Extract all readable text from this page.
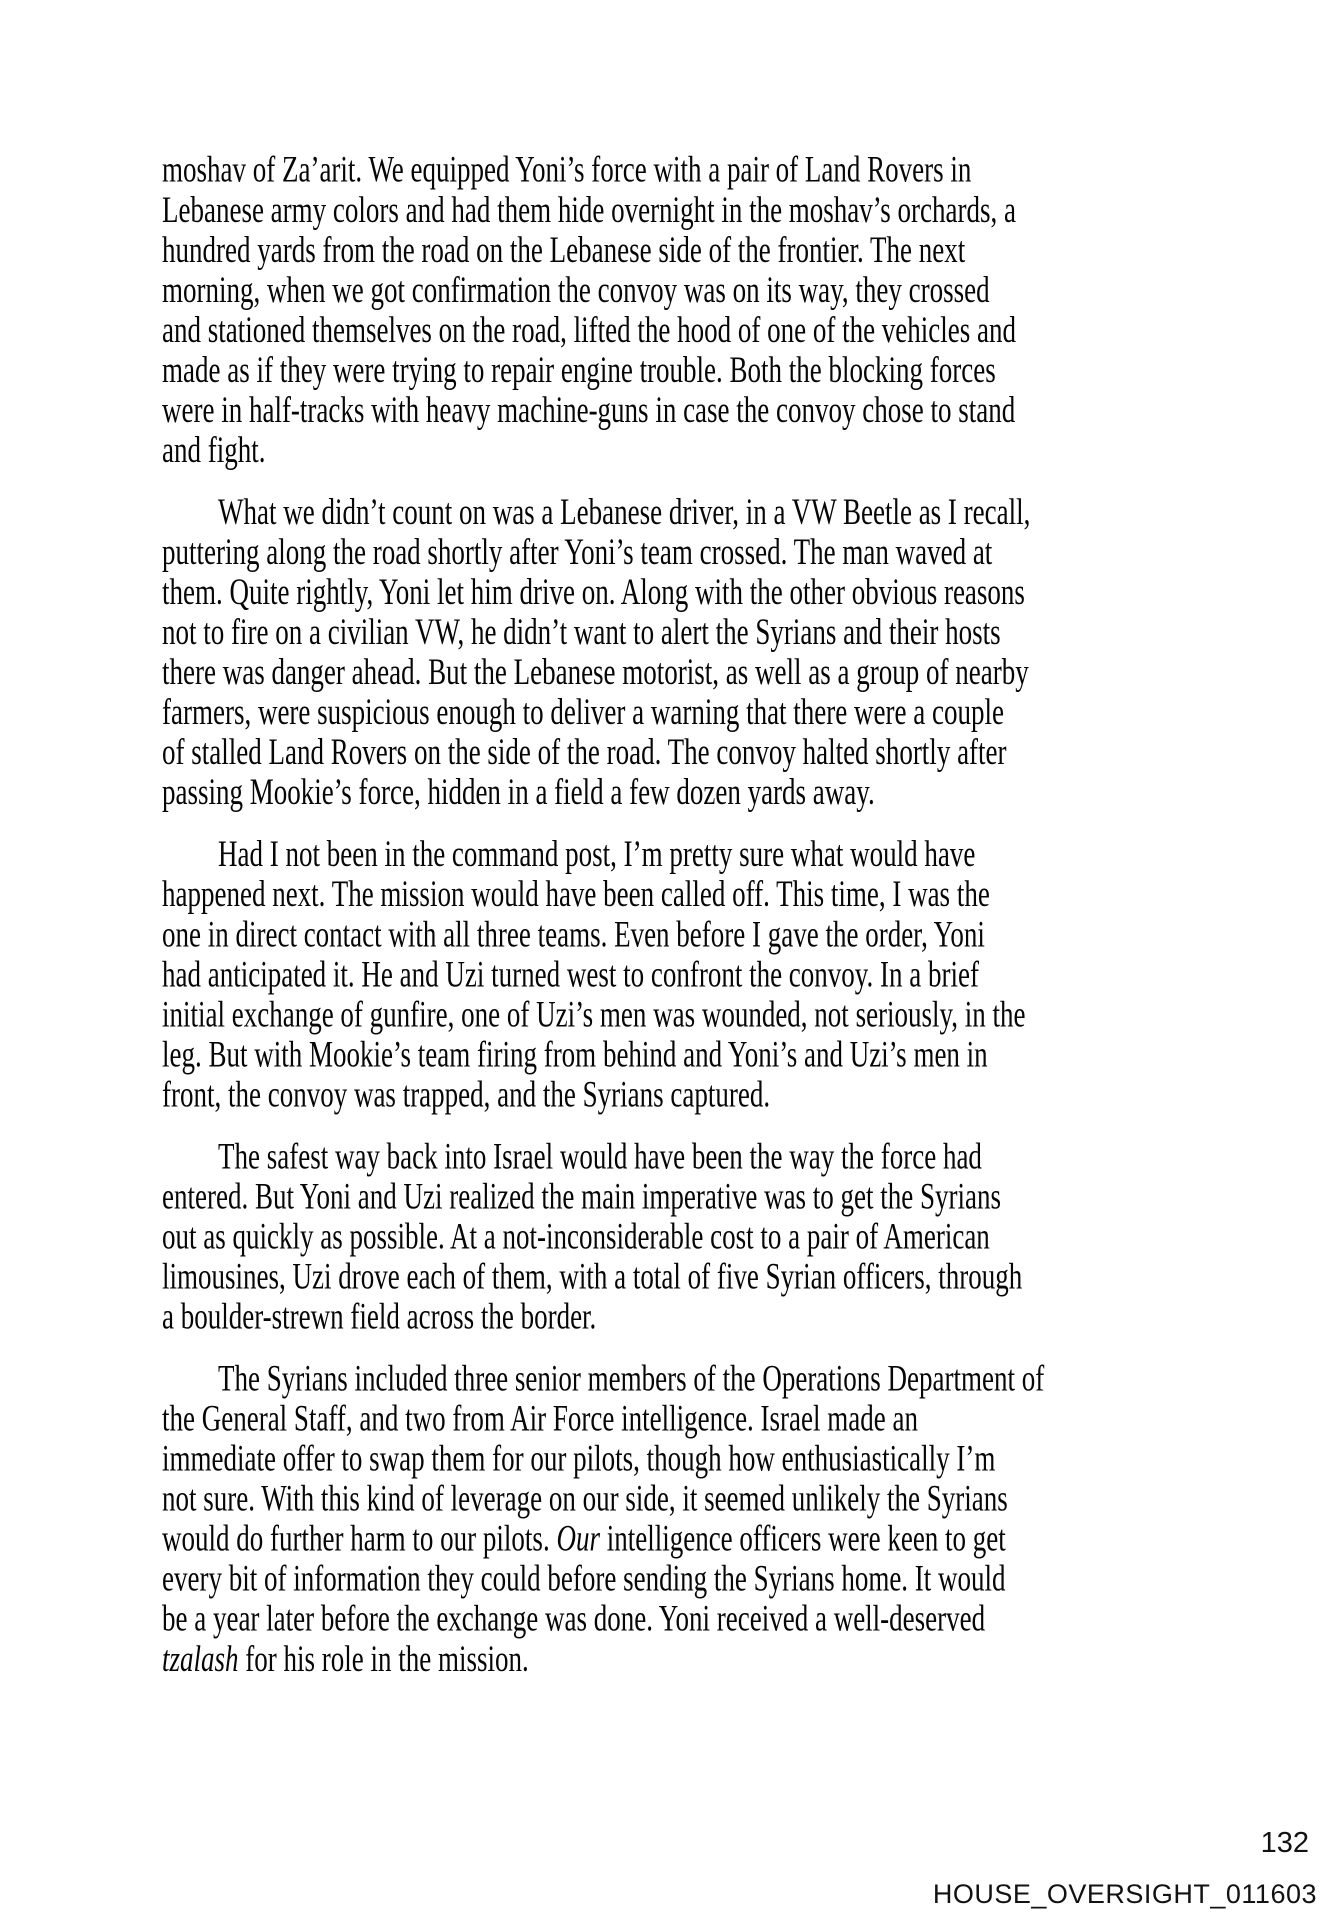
moshav of Za’arit. We equipped Yoni’s force with a pair of Land Rovers in
Lebanese army colors and had them hide overnight in the moshav’s orchards, a
hundred yards from the road on the Lebanese side of the frontier. The next
morning, when we got confirmation the convoy was on its way, they crossed
and stationed themselves on the road, lifted the hood of one of the vehicles and
made as if they were trying to repair engine trouble. Both the blocking forces
were in half-tracks with heavy machine-guns in case the convoy chose to stand
and fight.

What we didn’t count on was a Lebanese driver, in a VW Beetle as I recall,
puttering along the road shortly after Yoni’s team crossed. The man waved at
them. Quite rightly, Yoni let him drive on. Along with the other obvious reasons
not to fire on a civilian VW, he didn’t want to alert the Syrians and their hosts
there was danger ahead. But the Lebanese motorist, as well as a group of nearby
farmers, were suspicious enough to deliver a warning that there were a couple
of stalled Land Rovers on the side of the road. The convoy halted shortly after
passing Mookie’s force, hidden in a field a few dozen yards away.

Had I not been in the command post, I’m pretty sure what would have
happened next. The mission would have been called off. This time, I was the
one in direct contact with all three teams. Even before I gave the order, Yoni
had anticipated it. He and Uzi turned west to confront the convoy. In a brief
initial exchange of gunfire, one of Uzi’s men was wounded, not seriously, in the
leg. But with Mookie’s team firing from behind and Yoni’s and Uzi’s men in
front, the convoy was trapped, and the Syrians captured.

The safest way back into Israel would have been the way the force had
entered. But Yoni and Uzi realized the main imperative was to get the Syrians
out as quickly as possible. At a not-inconsiderable cost to a pair of American
limousines, Uzi drove each of them, with a total of five Syrian officers, through
a boulder-strewn field across the border.

The Syrians included three senior members of the Operations Department of
the General Staff, and two from Air Force intelligence. Israel made an
immediate offer to swap them for our pilots, though how enthusiastically I’m
not sure. With this kind of leverage on our side, it seemed unlikely the Syrians
would do further harm to our pilots. Our intelligence officers were keen to get
every bit of information they could before sending the Syrians home. It would
be a year later before the exchange was done. Yoni received a well-deserved
tzalash for his role in the mission.

132
HOUSE_OVERSIGHT_011603
